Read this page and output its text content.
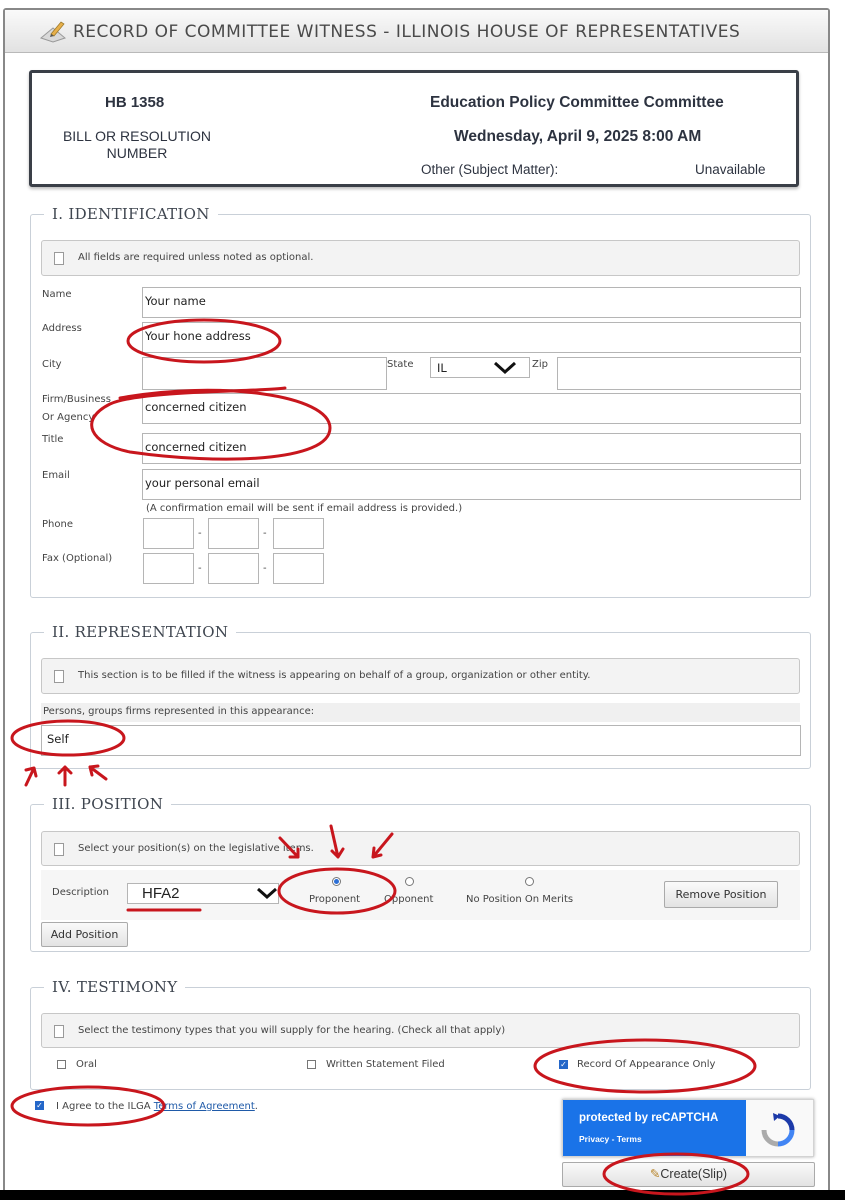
RECORD OF COMMITTEE WITNESS - ILLINOIS HOUSE OF REPRESENTATIVES
HB 1358
BILL OR RESOLUTION NUMBER
Education Policy Committee Committee
Wednesday, April 9, 2025 8:00 AM
Other (Subject Matter):	Unavailable
I. IDENTIFICATION
All fields are required unless noted as optional.
Name	Your name
Address
Your hone address
City	State	IL	Zip
Firm/Business
Or Agency
concerned citizen
Title
concerned citizen
Email
your personal email
(A confirmation email will be sent if email address is provided.)
Phone
-	-
Fax (Optional)
-	-
II. REPRESENTATION
This section is to be filled if the witness is appearing on behalf of a group, organization or other entity.
Persons, groups firms represented in this appearance:
Self
III. POSITION
Select your position(s) on the legislative items.
Description	HFA2	Proponent Opponent	No Position On Merits	Remove Position
Add Position
IV. TESTIMONY
Select the testimony types that you will supply for the hearing. (Check all that apply)
Oral	Written Statement Filed	✓ Record Of Appearance Only
✓ I Agree to the ILGA Terms of Agreement.
protected by reCAPTCHA
Privacy - Terms
✎Create(Slip)
